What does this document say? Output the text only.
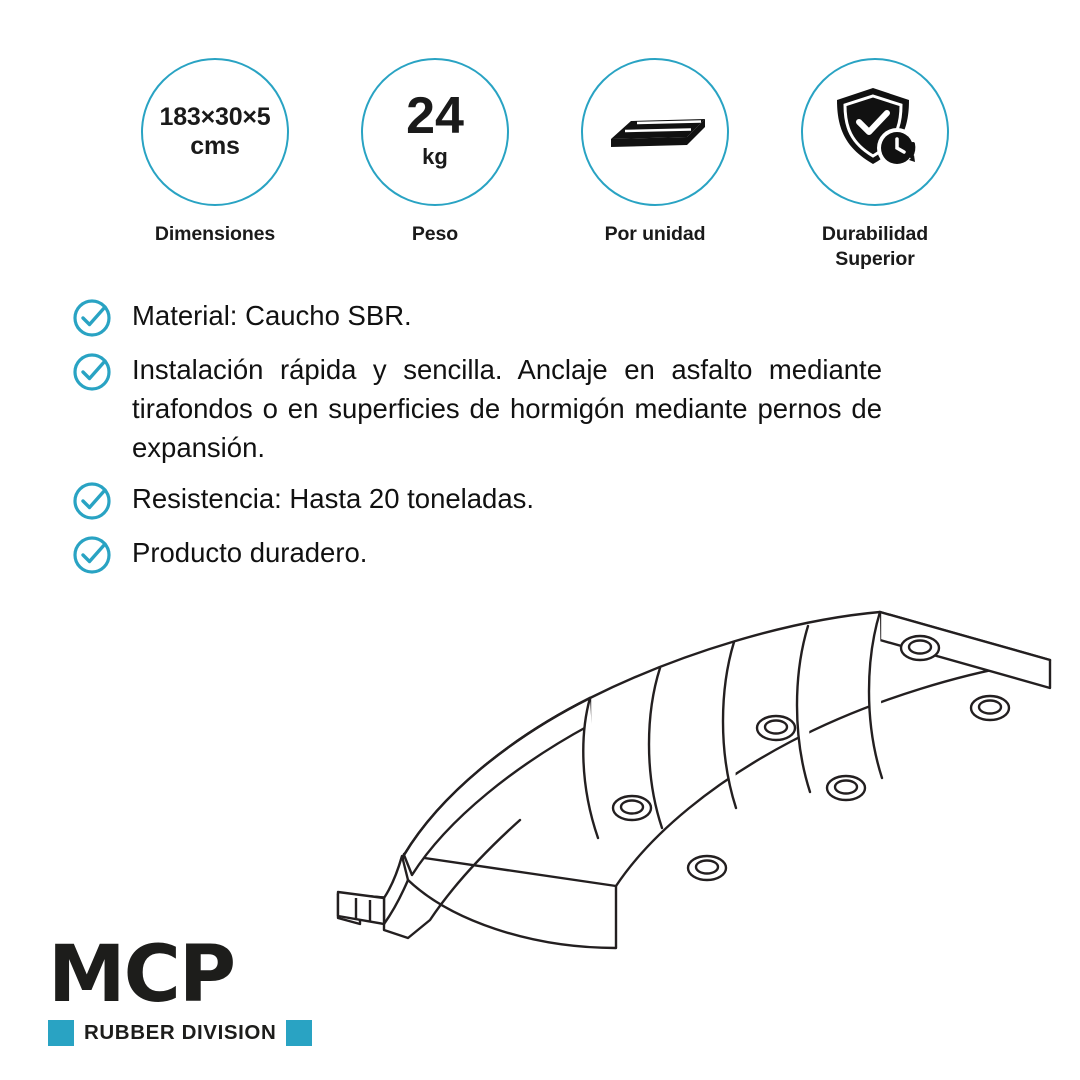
183×30×5
cms
Dimensiones
24
kg
Peso	Por unidad	Durabilidad
Superior
Material: Caucho SBR.
Instalación rápida y sencilla. Anclaje en asfalto mediante tirafondos o en superficies de hormigón mediante pernos de expansión.
Resistencia: Hasta 20 toneladas.
Producto duradero.
MCP
RUBBER DIVISION
